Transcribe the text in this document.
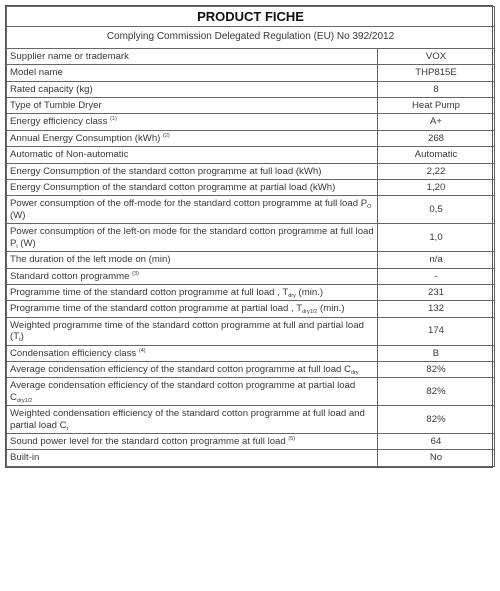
PRODUCT FICHE	
Complying Commission Delegated Regulation (EU) No 392/2012	
Supplier name or trademark	VOX
Model name	THP815E
Rated capacity (kg)	8
Type of Tumble Dryer	Heat Pump
Energy efficiency class $^{(1)}$	A+
Annual Energy Consumption (kWh) $^{(2)}$	268
Automatic of Non-automatic	Automatic
Energy Consumption of the standard cotton programme at full load (kWh)	2,22
Energy Consumption of the standard cotton programme at partial load (kWh)	1,20
Power consumption of the off-mode for the standard cotton programme at full load $P_O$ (W)	0,5
Power consumption of the left-on mode for the standard cotton programme at full load $P_l$ (W)	1,0
The duration of the left mode on (min)	n/a
Standard cotton programme $^{(3)}$	-
Programme time of the standard cotton programme at full load , $T_{dry}$ (min.)	231
Programme time of the standard cotton programme at partial load , $T_{dry1/2}$ (min.)	132
Weighted programme time of the standard cotton programme at full and partial load $(T_t)$	174
Condensation efficiency class $^{(4)}$	B
Average condensation efficiency of the standard cotton programme at full load $C_{dry}$	82%
Average condensation efficiency of the standard cotton programme at partial load $C_{dry1/2}$	82%
Weighted condensation efficiency of the standard cotton programme at full load and partial load $C_t$	82%
Sound power level for the standard cotton programme at full load $^{(5)}$	64
Built-in	No
